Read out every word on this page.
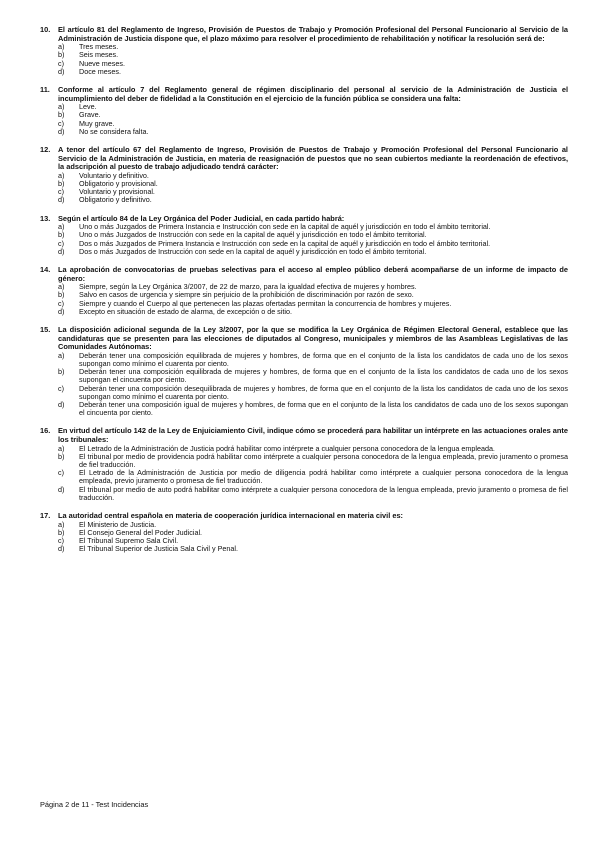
10.	El artículo 81 del Reglamento de Ingreso, Provisión de Puestos de Trabajo y Promoción Profesional del Personal Funcionario al Servicio de la Administración de Justicia dispone que, el plazo máximo para resolver el procedimiento de rehabilitación y notificar la resolución será de:
a)	Tres meses.
b)	Seis meses.
c)	Nueve meses.
d)	Doce meses.
11.	Conforme al artículo 7 del Reglamento general de régimen disciplinario del personal al servicio de la Administración de Justicia el incumplimiento del deber de fidelidad a la Constitución en el ejercicio de la función pública se considera una falta:
a)	Leve.
b)	Grave.
c)	Muy grave.
d)	No se considera falta.
12.	A tenor del artículo 67 del Reglamento de Ingreso, Provisión de Puestos de Trabajo y Promoción Profesional del Personal Funcionario al Servicio de la Administración de Justicia, en materia de reasignación de puestos que no sean cubiertos mediante la reordenación de efectivos, la adscripción al puesto de trabajo adjudicado tendrá carácter:
a)	Voluntario y definitivo.
b)	Obligatorio y provisional.
c)	Voluntario y provisional.
d)	Obligatorio y definitivo.
13.	Según el artículo 84 de la Ley Orgánica del Poder Judicial, en cada partido habrá:
a)	Uno o más Juzgados de Primera Instancia e Instrucción con sede en la capital de aquél y jurisdicción en todo el ámbito territorial.
b)	Uno o más Juzgados de Instrucción con sede en la capital de aquél y jurisdicción en todo el ámbito territorial.
c)	Dos o más Juzgados de Primera Instancia e Instrucción con sede en la capital de aquél y jurisdicción en todo el ámbito territorial.
d)	Dos o más Juzgados de Instrucción con sede en la capital de aquél y jurisdicción en todo el ámbito territorial.
14.	La aprobación de convocatorias de pruebas selectivas para el acceso al empleo público deberá acompañarse de un informe de impacto de género:
a)	Siempre, según la Ley Orgánica 3/2007, de 22 de marzo, para la igualdad efectiva de mujeres y hombres.
b)	Salvo en casos de urgencia y siempre sin perjuicio de la prohibición de discriminación por razón de sexo.
c)	Siempre y cuando el Cuerpo al que pertenecen las plazas ofertadas permitan la concurrencia de hombres y mujeres.
d)	Excepto en situación de estado de alarma, de excepción o de sitio.
15.	La disposición adicional segunda de la Ley 3/2007, por la que se modifica la Ley Orgánica de Régimen Electoral General, establece que las candidaturas que se presenten para las elecciones de diputados al Congreso, municipales y miembros de las Asambleas Legislativas de las Comunidades Autónomas:
a)	Deberán tener una composición equilibrada de mujeres y hombres, de forma que en el conjunto de la lista los candidatos de cada uno de los sexos supongan como mínimo el cuarenta por ciento.
b)	Deberán tener una composición equilibrada de mujeres y hombres, de forma que en el conjunto de la lista los candidatos de cada uno de los sexos supongan el cincuenta por ciento.
c)	Deberán tener una composición desequilibrada de mujeres y hombres, de forma que en el conjunto de la lista los candidatos de cada uno de los sexos supongan como mínimo el cuarenta por ciento.
d)	Deberán tener una composición igual de mujeres y hombres, de forma que en el conjunto de la lista los candidatos de cada uno de los sexos supongan el cincuenta por ciento.
16.	En virtud del artículo 142 de la Ley de Enjuiciamiento Civil, indique cómo se procederá para habilitar un intérprete en las actuaciones orales ante los tribunales:
a)	El Letrado de la Administración de Justicia podrá habilitar como intérprete a cualquier persona conocedora de la lengua empleada.
b)	El tribunal por medio de providencia podrá habilitar como intérprete a cualquier persona conocedora de la lengua empleada, previo juramento o promesa de fiel traducción.
c)	El Letrado de la Administración de Justicia por medio de diligencia podrá habilitar como intérprete a cualquier persona conocedora de la lengua empleada, previo juramento o promesa de fiel traducción.
d)	El tribunal por medio de auto podrá habilitar como intérprete a cualquier persona conocedora de la lengua empleada, previo juramento o promesa de fiel traducción.
17.	La autoridad central española en materia de cooperación jurídica internacional en materia civil es:
a)	El Ministerio de Justicia.
b)	El Consejo General del Poder Judicial.
c)	El Tribunal Supremo Sala Civil.
d)	El Tribunal Superior de Justicia Sala Civil y Penal.
Página 2 de 11 - Test Incidencias
